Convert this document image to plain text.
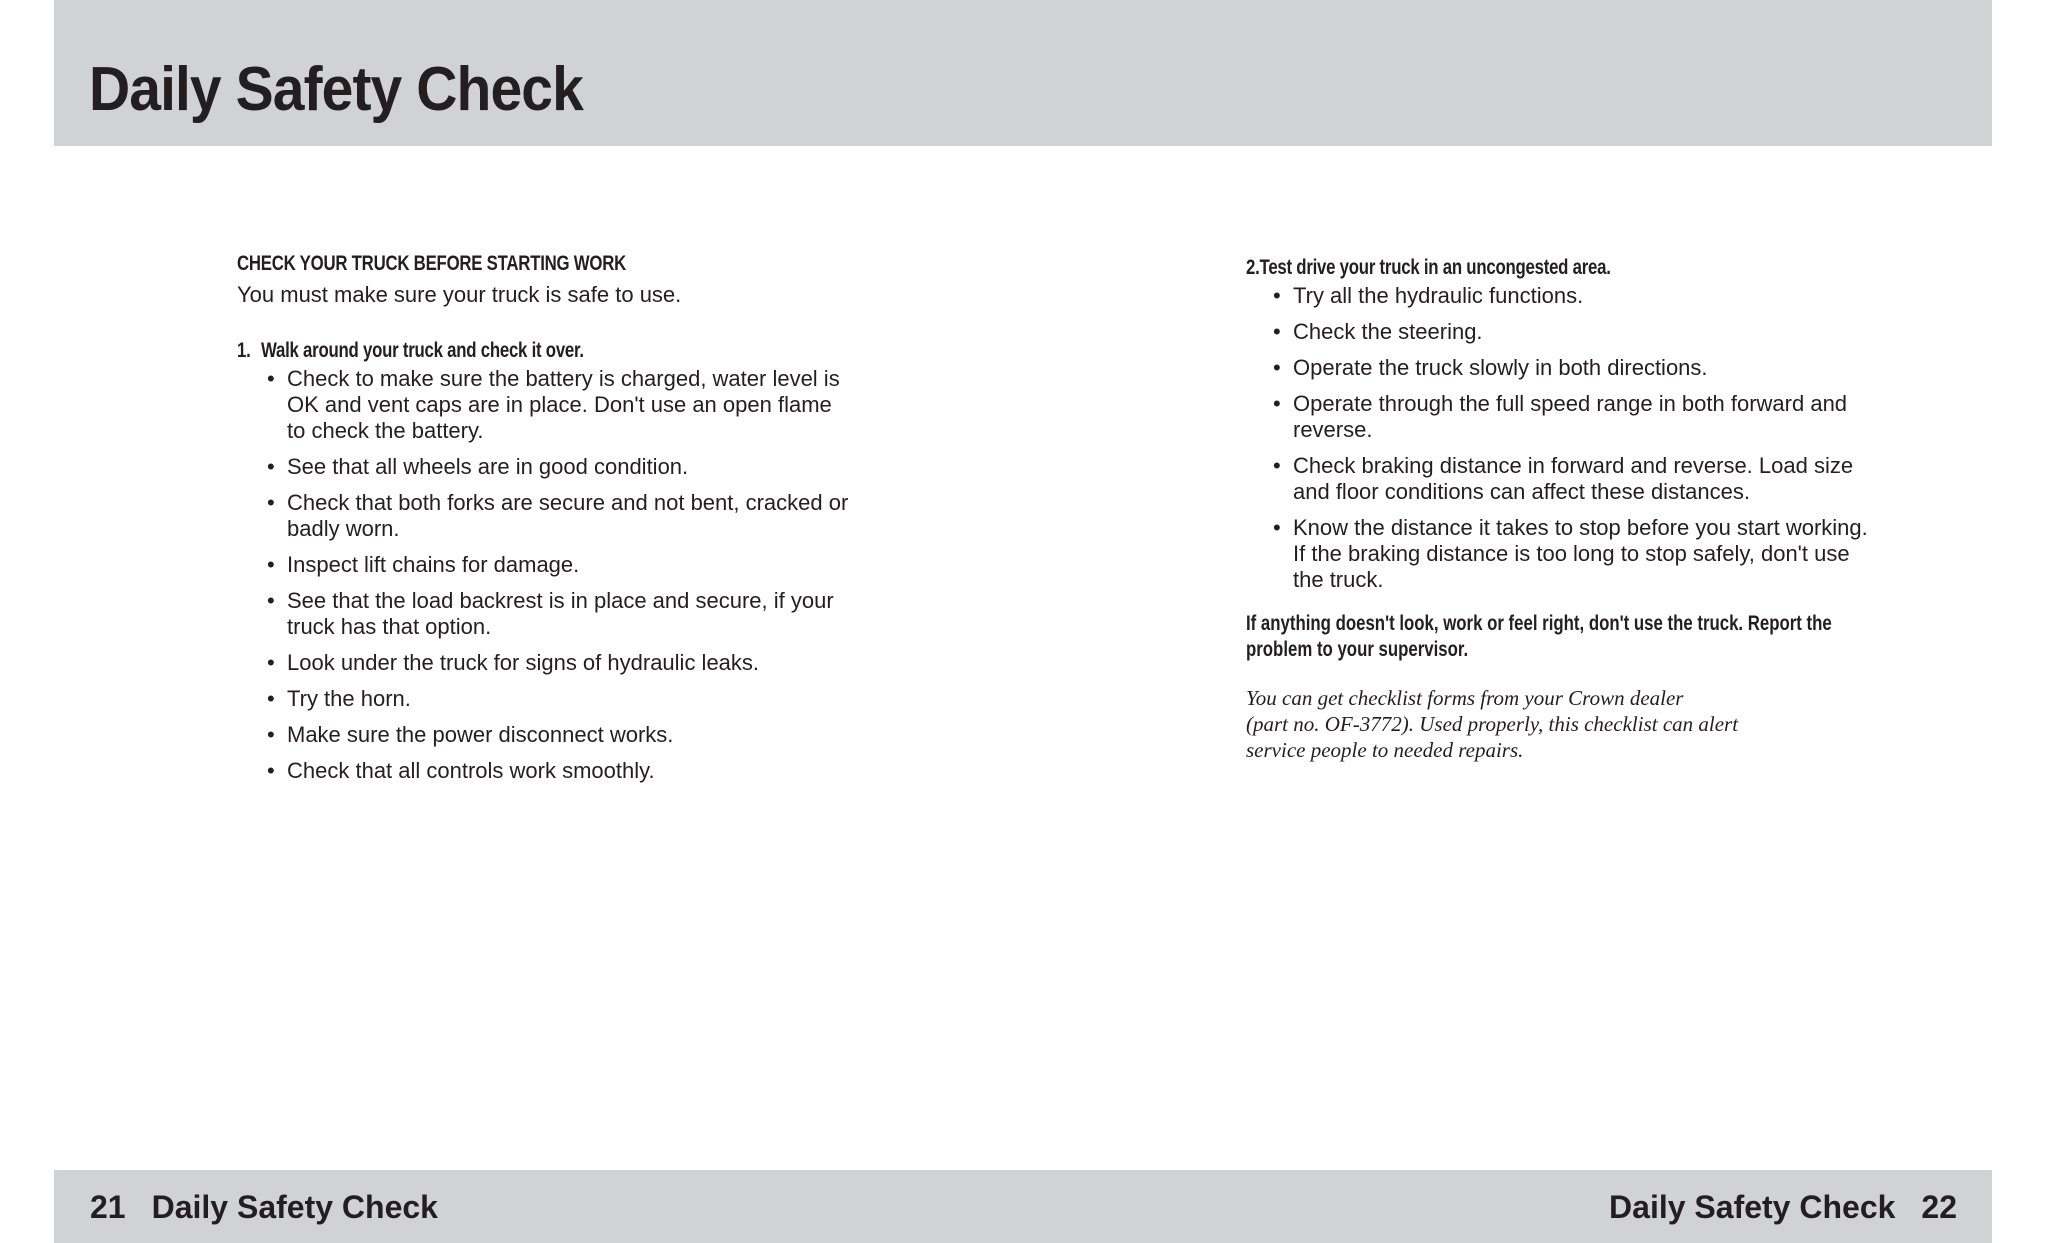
Daily Safety Check
CHECK YOUR TRUCK BEFORE STARTING WORK

You must make sure your truck is safe to use.

1. Walk around your truck and check it over.
• Check to make sure the battery is charged, water level is OK and vent caps are in place. Don't use an open flame to check the battery.
• See that all wheels are in good condition.
• Check that both forks are secure and not bent, cracked or badly worn.
• Inspect lift chains for damage.
• See that the load backrest is in place and secure, if your truck has that option.
• Look under the truck for signs of hydraulic leaks.
• Try the horn.
• Make sure the power disconnect works.
• Check that all controls work smoothly.
2.Test drive your truck in an uncongested area.
• Try all the hydraulic functions.
• Check the steering.
• Operate the truck slowly in both directions.
• Operate through the full speed range in both forward and reverse.
• Check braking distance in forward and reverse. Load size and floor conditions can affect these distances.
• Know the distance it takes to stop before you start working. If the braking distance is too long to stop safely, don't use the truck.

If anything doesn't look, work or feel right, don't use the truck. Report the problem to your supervisor.

You can get checklist forms from your Crown dealer
(part no. OF-3772). Used properly, this checklist can alert
service people to needed repairs.

21 Daily Safety Check	Daily Safety Check 22
